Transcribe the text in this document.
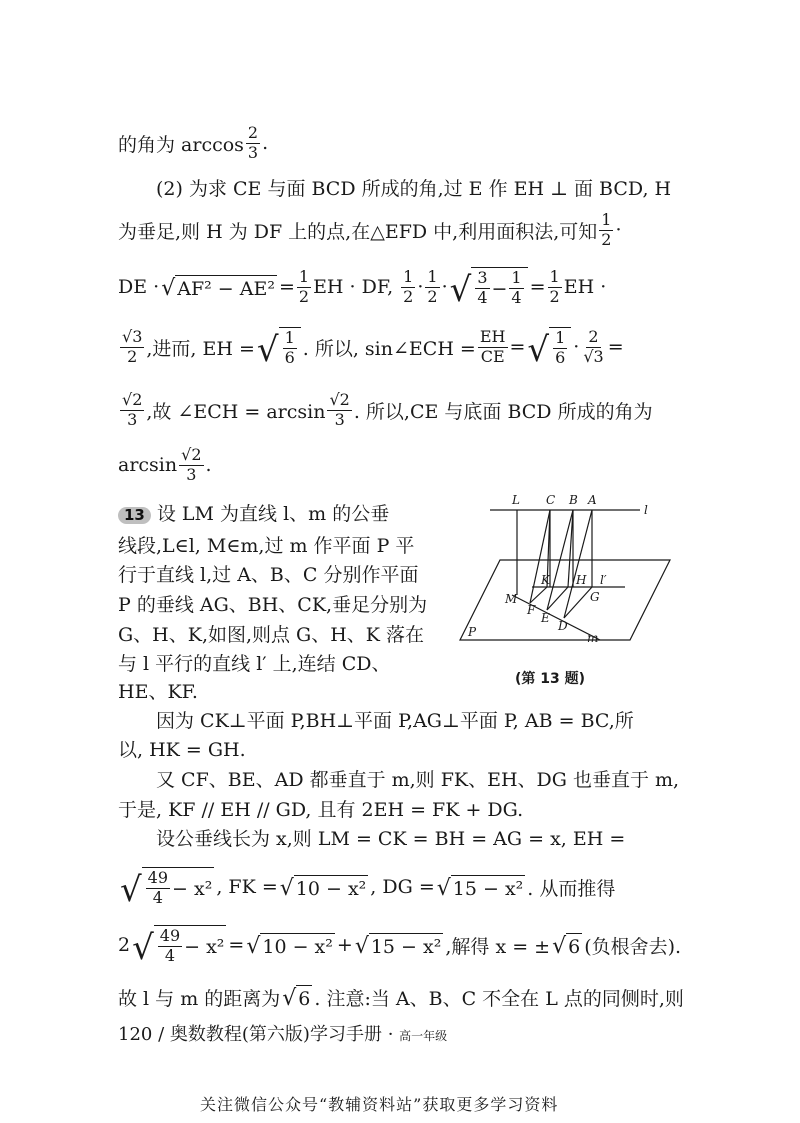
的角为 $\arccos \frac{2}{3}$ .
(2) 为求 CE 与面 BCD 所成的角,过 E 作 EH ⊥ 面 BCD, H
为垂足,则 H 为 DF 上的点,在△EFD 中,利用面积法,可知 $\frac{1}{2}$ ·
DE · √ $AF^2 - AE^2 = \frac{1}{2}$ EH · DF,
$\frac{1}{2} \cdot \frac{1}{2}$ · √ $\frac{3}{4} - \frac{1}{4} = \frac{1}{2}$ EH ·
$\frac{√3}{2}$ ,进而, EH = √ $\frac{1}{6}$ . 所以, sin∠ECH = $\frac{EH}{CE}$ = √ $\frac{1}{6} \cdot \frac{2}{√3}$ =
$\frac{√2}{3}$ ,故 ∠ECH = $\arcsin \frac{√2}{3}$ . 所以,CE 与底面 BCD 所成的角为
$\arcsin \frac{√2}{3}$ .
13 设 LM 为直线 l、m 的公垂
线段,L∈l, M∈m,过 m 作平面 P 平
行于直线 l,过 A、B、C 分别作平面
P 的垂线 AG、BH、CK,垂足分别为
G、H、K,如图,则点 G、H、K 落在
与 l 平行的直线 l′ 上,连结 CD、
HE、KF.
L C B A
l
K H l′
M	G
F
E
D
P	m
(第 13 题)
因为 CK⊥平面 P,BH⊥平面 P,AG⊥平面 P, AB = BC,所
以, HK = GH.
又 CF、BE、AD 都垂直于 m,则 FK、EH、DG 也垂直于 m,
于是, KF // EH // GD, 且有 2EH = FK + DG.
设公垂线长为 x,则 LM = CK = BH = AG = x, EH =
√ $\frac{49}{4} - x^2$ , FK = √ 10 − x² , DG = √ 15 − x² . 从而推得
2 √ $\frac{49}{4} - x^2$ = √ 10 − x² + √ 15 − x² ,解得 x = ± √ 6 (负根舍去).
故 l 与 m 的距离为 √ 6 . 注意:当 A、B、C 不全在 L 点的同侧时,则
120 / 奥数教程(第六版)学习手册 · 高一年级
关注微信公众号“教辅资料站”获取更多学习资料
